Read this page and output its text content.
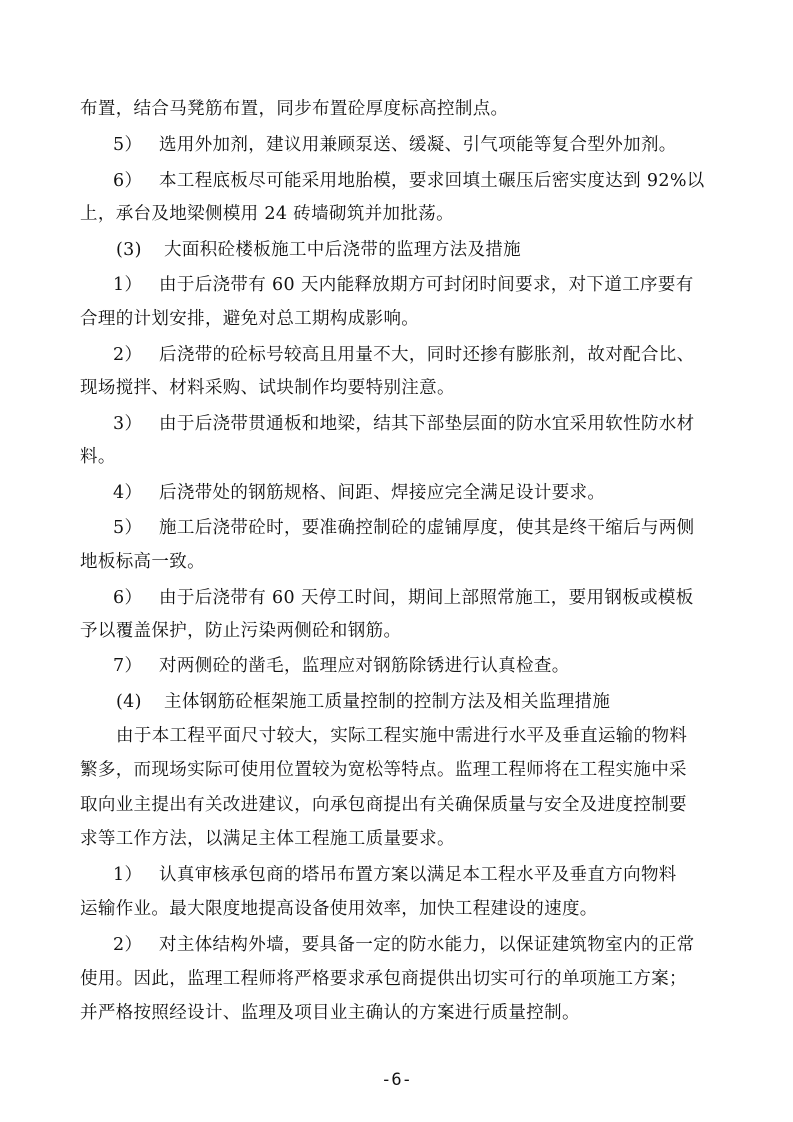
布置，结合马凳筋布置，同步布置砼厚度标高控制点。
5） 选用外加剂，建议用兼顾泵送、缓凝、引气项能等复合型外加剂。
6） 本工程底板尽可能采用地胎模，要求回填土碾压后密实度达到 92%以
上，承台及地梁侧模用 24 砖墙砌筑并加批荡。
(3) 大面积砼楼板施工中后浇带的监理方法及措施
1） 由于后浇带有 60 天内能释放期方可封闭时间要求，对下道工序要有
合理的计划安排，避免对总工期构成影响。
2） 后浇带的砼标号较高且用量不大，同时还掺有膨胀剂，故对配合比、
现场搅拌、材料采购、试块制作均要特别注意。
3） 由于后浇带贯通板和地梁，结其下部垫层面的防水宜采用软性防水材
料。
4） 后浇带处的钢筋规格、间距、焊接应完全满足设计要求。
5） 施工后浇带砼时，要准确控制砼的虚铺厚度，使其是终干缩后与两侧
地板标高一致。
6） 由于后浇带有 60 天停工时间，期间上部照常施工，要用钢板或模板
予以覆盖保护，防止污染两侧砼和钢筋。
7） 对两侧砼的凿毛，监理应对钢筋除锈进行认真检查。
(4) 主体钢筋砼框架施工质量控制的控制方法及相关监理措施
由于本工程平面尺寸较大，实际工程实施中需进行水平及垂直运输的物料
繁多，而现场实际可使用位置较为宽松等特点。监理工程师将在工程实施中采
取向业主提出有关改进建议，向承包商提出有关确保质量与安全及进度控制要
求等工作方法，以满足主体工程施工质量要求。
1） 认真审核承包商的塔吊布置方案以满足本工程水平及垂直方向物料
运输作业。最大限度地提高设备使用效率，加快工程建设的速度。
2） 对主体结构外墙，要具备一定的防水能力，以保证建筑物室内的正常
使用。因此，监理工程师将严格要求承包商提供出切实可行的单项施工方案；
并严格按照经设计、监理及项目业主确认的方案进行质量控制。
-6-
